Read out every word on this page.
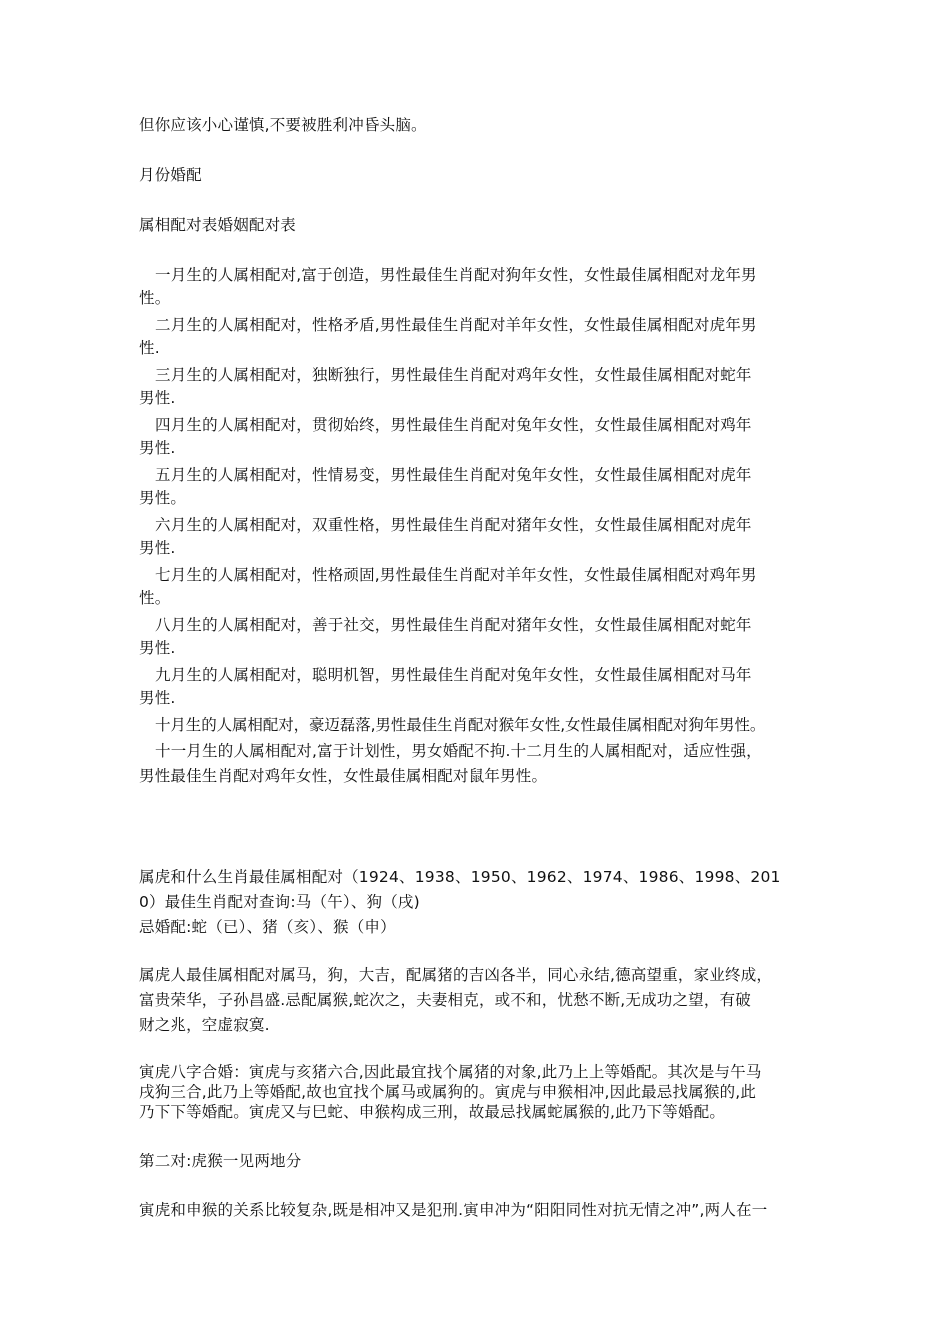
但你应该小心谨慎,不要被胜利冲昏头脑。

月份婚配

属相配对表婚姻配对表

一月生的人属相配对,富于创造，男性最佳生肖配对狗年女性，女性最佳属相配对龙年男

性。

二月生的人属相配对，性格矛盾,男性最佳生肖配对羊年女性，女性最佳属相配对虎年男

性.

三月生的人属相配对，独断独行，男性最佳生肖配对鸡年女性，女性最佳属相配对蛇年

男性.

四月生的人属相配对，贯彻始终，男性最佳生肖配对兔年女性，女性最佳属相配对鸡年

男性.

五月生的人属相配对，性情易变，男性最佳生肖配对兔年女性，女性最佳属相配对虎年

男性。

六月生的人属相配对，双重性格，男性最佳生肖配对猪年女性，女性最佳属相配对虎年

男性.

七月生的人属相配对，性格顽固,男性最佳生肖配对羊年女性，女性最佳属相配对鸡年男

性。

八月生的人属相配对，善于社交，男性最佳生肖配对猪年女性，女性最佳属相配对蛇年

男性.

九月生的人属相配对，聪明机智，男性最佳生肖配对兔年女性，女性最佳属相配对马年

男性.

十月生的人属相配对，豪迈磊落,男性最佳生肖配对猴年女性,女性最佳属相配对狗年男性。

十一月生的人属相配对,富于计划性，男女婚配不拘.十二月生的人属相配对，适应性强，

男性最佳生肖配对鸡年女性，女性最佳属相配对鼠年男性。

属虎和什么生肖最佳属相配对（1924、1938、1950、1962、1974、1986、1998、201

0）最佳生肖配对查询:马（午）、狗（戌)

忌婚配:蛇（已）、猪（亥）、猴（申）

属虎人最佳属相配对属马，狗，大吉，配属猪的吉凶各半，同心永结,德高望重，家业终成，

富贵荣华，子孙昌盛.忌配属猴,蛇次之，夫妻相克，或不和，忧愁不断,无成功之望，有破

财之兆，空虚寂寞.

寅虎八字合婚：寅虎与亥猪六合,因此最宜找个属猪的对象,此乃上上等婚配。其次是与午马

戌狗三合,此乃上等婚配,故也宜找个属马或属狗的。寅虎与申猴相冲,因此最忌找属猴的,此

乃下下等婚配。寅虎又与巳蛇、申猴构成三刑，故最忌找属蛇属猴的,此乃下等婚配。

第二对:虎猴一见两地分

寅虎和申猴的关系比较复杂,既是相冲又是犯刑.寅申冲为“阳阳同性对抗无情之冲”,两人在一
